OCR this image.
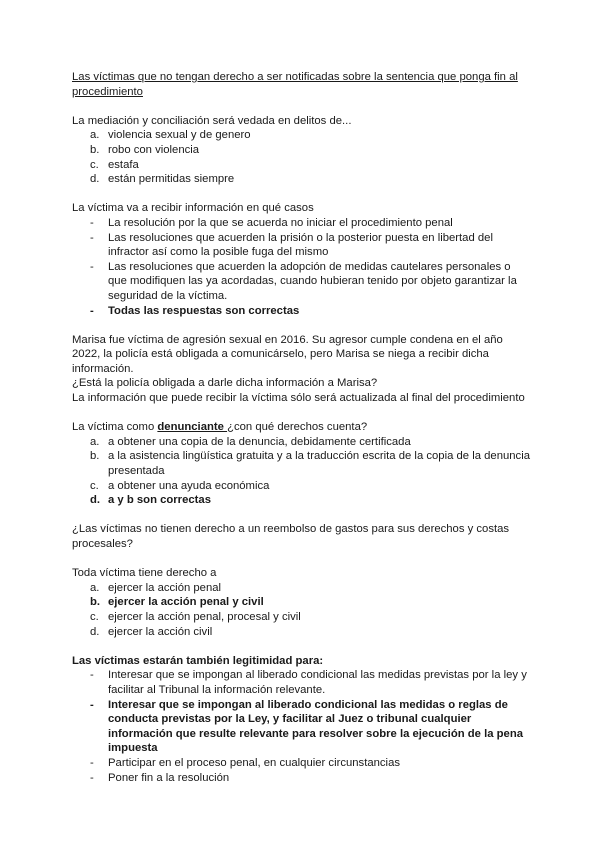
Las víctimas que no tengan derecho a ser notificadas sobre la sentencia que ponga fin al procedimiento

La mediación y conciliación será vedada en delitos de...

a. violencia sexual y de genero
b. robo con violencia
c. estafa
d. están permitidas siempre

La víctima va a recibir información en qué casos

- La resolución por la que se acuerda no iniciar el procedimiento penal
- Las resoluciones que acuerden la prisión o la posterior puesta en libertad del infractor así como la posible fuga del mismo
- Las resoluciones que acuerden la adopción de medidas cautelares personales o que modifiquen las ya acordadas, cuando hubieran tenido por objeto garantizar la seguridad de la víctima.
- Todas las respuestas son correctas

Marisa fue víctima de agresión sexual en 2016. Su agresor cumple condena en el año 2022, la policía está obligada a comunicárselo, pero Marisa se niega a recibir dicha información.

¿Está la policía obligada a darle dicha información a Marisa?

La información que puede recibir la víctima sólo será actualizada al final del procedimiento

La víctima como denunciante ¿con qué derechos cuenta?

a. a obtener una copia de la denuncia, debidamente certificada
b. a la asistencia lingüística gratuita y a la traducción escrita de la copia de la denuncia presentada
c. a obtener una ayuda económica
d. a y b son correctas

¿Las víctimas no tienen derecho a un reembolso de gastos para sus derechos y costas procesales?

Toda víctima tiene derecho a

a. ejercer la acción penal
b. ejercer la acción penal y civil
c. ejercer la acción penal, procesal y civil
d. ejercer la acción civil

Las víctimas estarán también legitimidad para:

- Interesar que se impongan al liberado condicional las medidas previstas por la ley y facilitar al Tribunal la información relevante.
- Interesar que se impongan al liberado condicional las medidas o reglas de conducta previstas por la Ley, y facilitar al Juez o tribunal cualquier información que resulte relevante para resolver sobre la ejecución de la pena impuesta
- Participar en el proceso penal, en cualquier circunstancias
- Poner fin a la resolución
